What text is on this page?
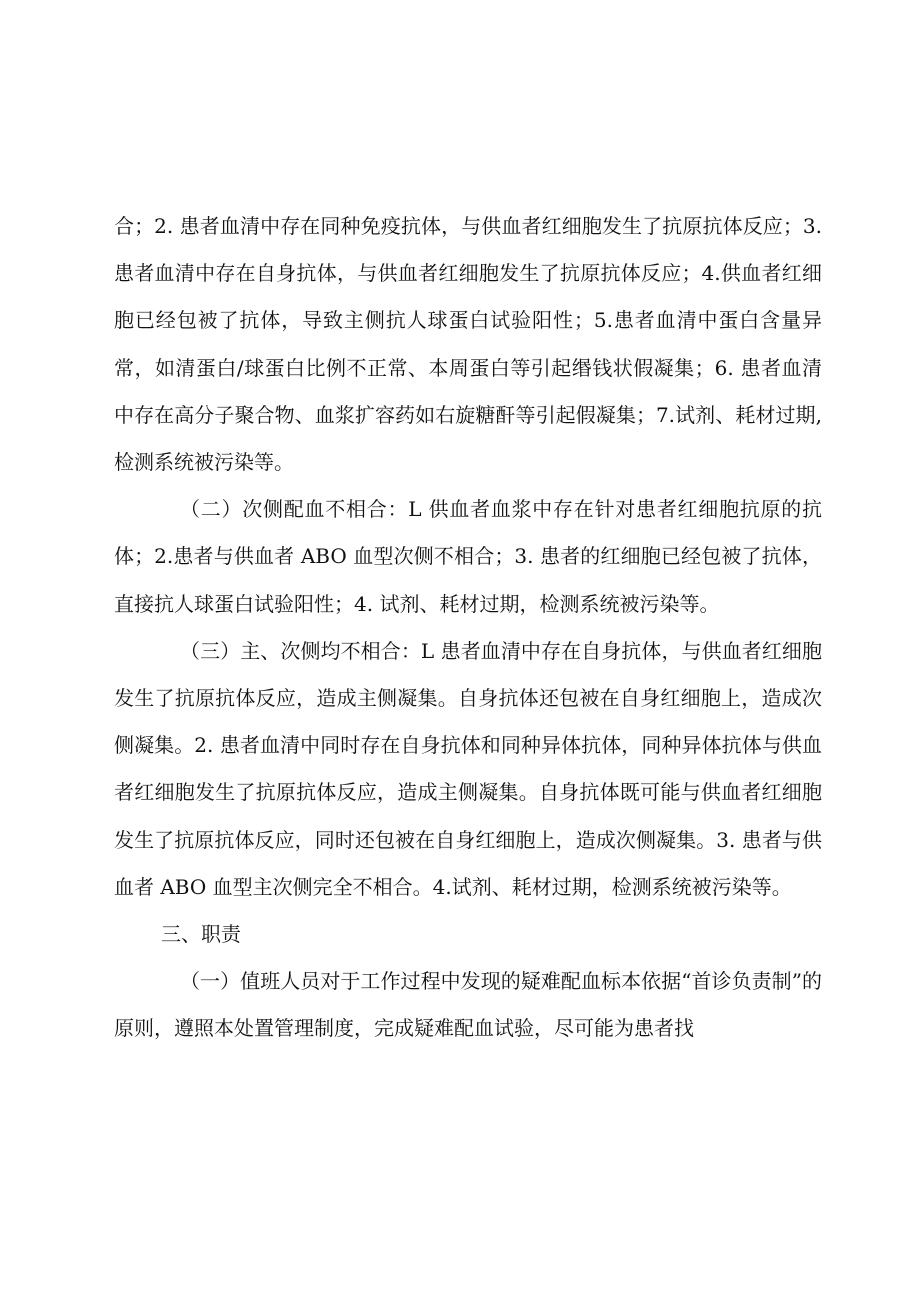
合；2. 患者血清中存在同种免疫抗体，与供血者红细胞发生了抗原抗体反应；3.患者血清中存在自身抗体，与供血者红细胞发生了抗原抗体反应；4.供血者红细胞已经包被了抗体，导致主侧抗人球蛋白试验阳性；5.患者血清中蛋白含量异常，如清蛋白/球蛋白比例不正常、本周蛋白等引起缗钱状假凝集；6. 患者血清中存在高分子聚合物、血浆扩容药如右旋糖酐等引起假凝集；7.试剂、耗材过期, 检测系统被污染等。

（二）次侧配血不相合：L 供血者血浆中存在针对患者红细胞抗原的抗体；2.患者与供血者 ABO 血型次侧不相合；3. 患者的红细胞已经包被了抗体，直接抗人球蛋白试验阳性；4. 试剂、耗材过期，检测系统被污染等。

（三）主、次侧均不相合：L 患者血清中存在自身抗体，与供血者红细胞发生了抗原抗体反应，造成主侧凝集。自身抗体还包被在自身红细胞上，造成次侧凝集。2. 患者血清中同时存在自身抗体和同种异体抗体，同种异体抗体与供血者红细胞发生了抗原抗体反应，造成主侧凝集。自身抗体既可能与供血者红细胞发生了抗原抗体反应，同时还包被在自身红细胞上，造成次侧凝集。3. 患者与供血者 ABO 血型主次侧完全不相合。4.试剂、耗材过期，检测系统被污染等。

三、职责

（一）值班人员对于工作过程中发现的疑难配血标本依据“首诊负责制”的原则，遵照本处置管理制度，完成疑难配血试验，尽可能为患者找
